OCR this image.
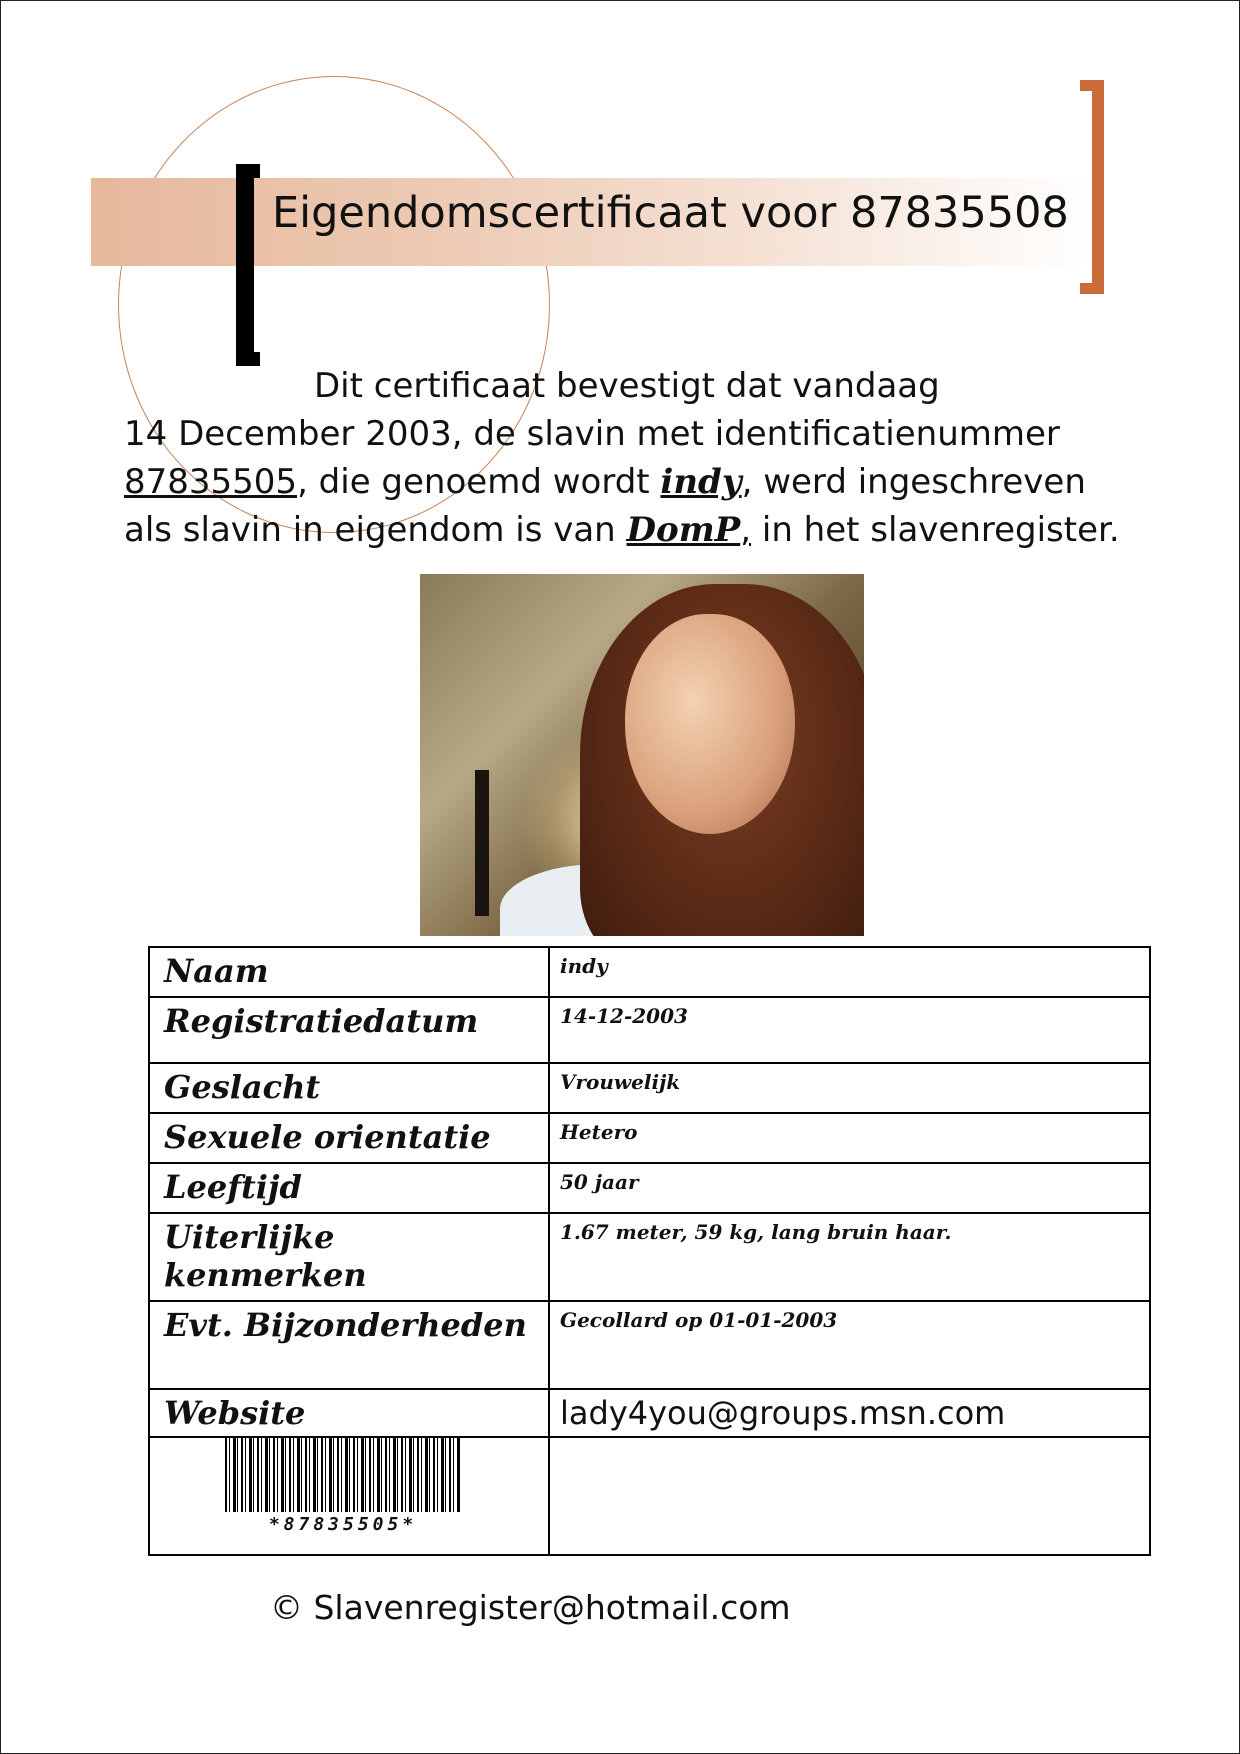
Eigendomscertificaat voor 87835508
Dit certificaat bevestigt dat vandaag
14 December 2003, de slavin met identificatienummer
87835505, die genoemd wordt indy, werd ingeschreven
als slavin in eigendom is van DomP, in het slavenregister.
Naam	indy
Registratiedatum	14-12-2003
Geslacht	Vrouwelijk
Sexuele orientatie	Hetero
Leeftijd	50 jaar
Uiterlijke kenmerken	1.67 meter, 59 kg, lang bruin haar.
Evt. Bijzonderheden	Gecollard op 01-01-2003
Website	lady4you@groups.msn.com

*87835505*	

© Slavenregister@hotmail.com
